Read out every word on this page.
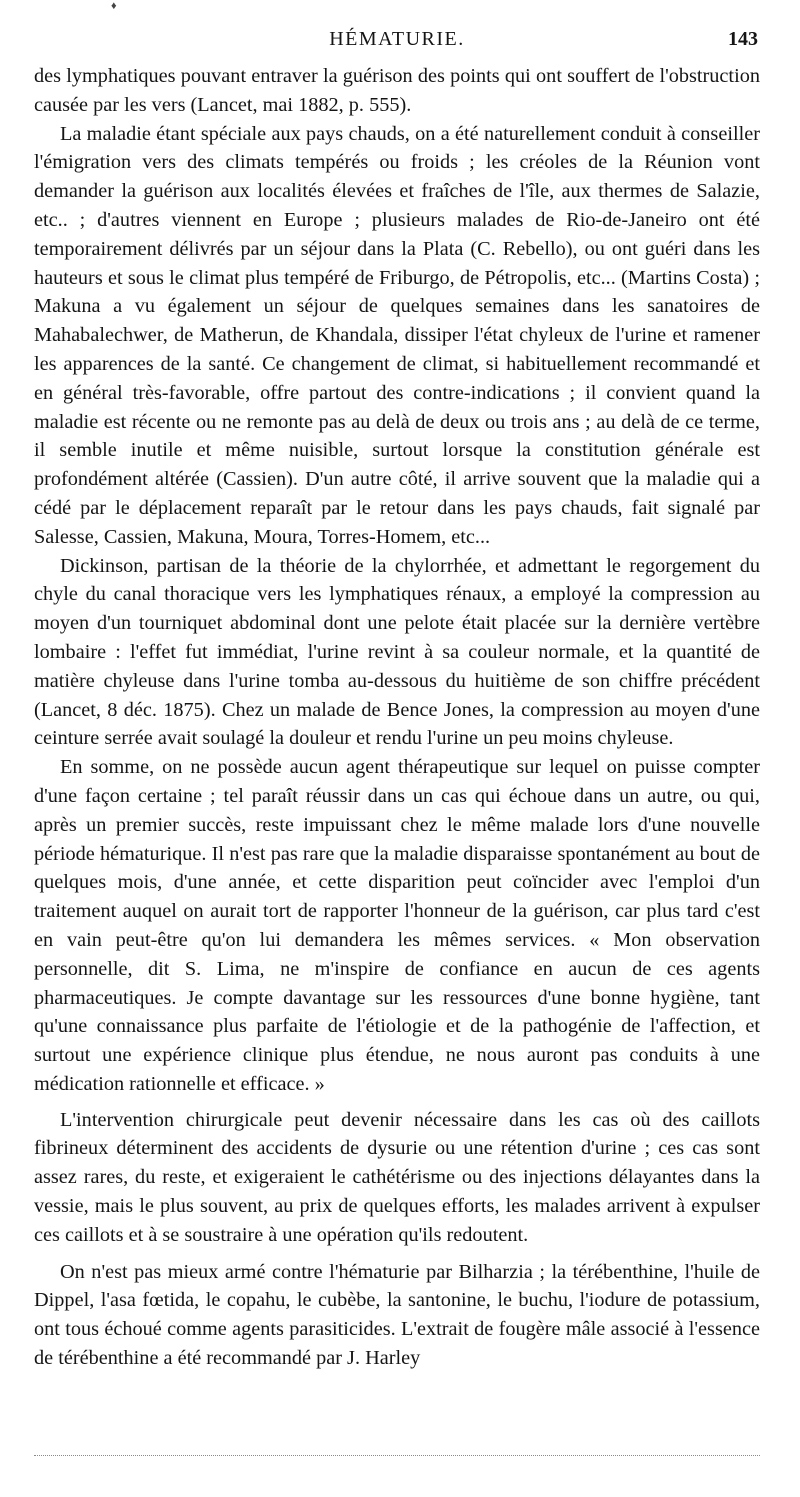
♦
HÉMATURIE.	143

des lymphatiques pouvant entraver la guérison des points qui ont souffert de l'obstruction causée par les vers (Lancet, mai 1882, p. 555).

La maladie étant spéciale aux pays chauds, on a été naturellement conduit à conseiller l'émigration vers des climats tempérés ou froids ; les créoles de la Réunion vont demander la guérison aux localités élevées et fraîches de l'île, aux thermes de Salazie, etc.. ; d'autres viennent en Europe ; plusieurs malades de Rio-de-Janeiro ont été temporairement délivrés par un séjour dans la Plata (C. Rebello), ou ont guéri dans les hauteurs et sous le climat plus tempéré de Friburgo, de Pétropolis, etc... (Martins Costa) ; Makuna a vu également un séjour de quelques semaines dans les sanatoires de Mahabalechwer, de Matherun, de Khandala, dissiper l'état chyleux de l'urine et ramener les apparences de la santé. Ce changement de climat, si habituellement recommandé et en général très-favorable, offre partout des contre-indications ; il convient quand la maladie est récente ou ne remonte pas au delà de deux ou trois ans ; au delà de ce terme, il semble inutile et même nuisible, surtout lorsque la constitution générale est profondément altérée (Cassien). D'un autre côté, il arrive souvent que la maladie qui a cédé par le déplacement reparaît par le retour dans les pays chauds, fait signalé par Salesse, Cassien, Makuna, Moura, Torres-Homem, etc...

Dickinson, partisan de la théorie de la chylorrhée, et admettant le regorgement du chyle du canal thoracique vers les lymphatiques rénaux, a employé la compression au moyen d'un tourniquet abdominal dont une pelote était placée sur la dernière vertèbre lombaire : l'effet fut immédiat, l'urine revint à sa couleur normale, et la quantité de matière chyleuse dans l'urine tomba au-dessous du huitième de son chiffre précédent (Lancet, 8 déc. 1875). Chez un malade de Bence Jones, la compression au moyen d'une ceinture serrée avait soulagé la douleur et rendu l'urine un peu moins chyleuse.

En somme, on ne possède aucun agent thérapeutique sur lequel on puisse compter d'une façon certaine ; tel paraît réussir dans un cas qui échoue dans un autre, ou qui, après un premier succès, reste impuissant chez le même malade lors d'une nouvelle période hématurique. Il n'est pas rare que la maladie disparaisse spontanément au bout de quelques mois, d'une année, et cette disparition peut coïncider avec l'emploi d'un traitement auquel on aurait tort de rapporter l'honneur de la guérison, car plus tard c'est en vain peut-être qu'on lui demandera les mêmes services. « Mon observation personnelle, dit S. Lima, ne m'inspire de confiance en aucun de ces agents pharmaceutiques. Je compte davantage sur les ressources d'une bonne hygiène, tant qu'une connaissance plus parfaite de l'étiologie et de la pathogénie de l'affection, et surtout une expérience clinique plus étendue, ne nous auront pas conduits à une médication rationnelle et efficace. »

L'intervention chirurgicale peut devenir nécessaire dans les cas où des caillots fibrineux déterminent des accidents de dysurie ou une rétention d'urine ; ces cas sont assez rares, du reste, et exigeraient le cathétérisme ou des injections délayantes dans la vessie, mais le plus souvent, au prix de quelques efforts, les malades arrivent à expulser ces caillots et à se soustraire à une opération qu'ils redoutent.

On n'est pas mieux armé contre l'hématurie par Bilharzia ; la térébenthine, l'huile de Dippel, l'asa fœtida, le copahu, le cubèbe, la santonine, le buchu, l'iodure de potassium, ont tous échoué comme agents parasiticides. L'extrait de fougère mâle associé à l'essence de térébenthine a été recommandé par J. Harley
